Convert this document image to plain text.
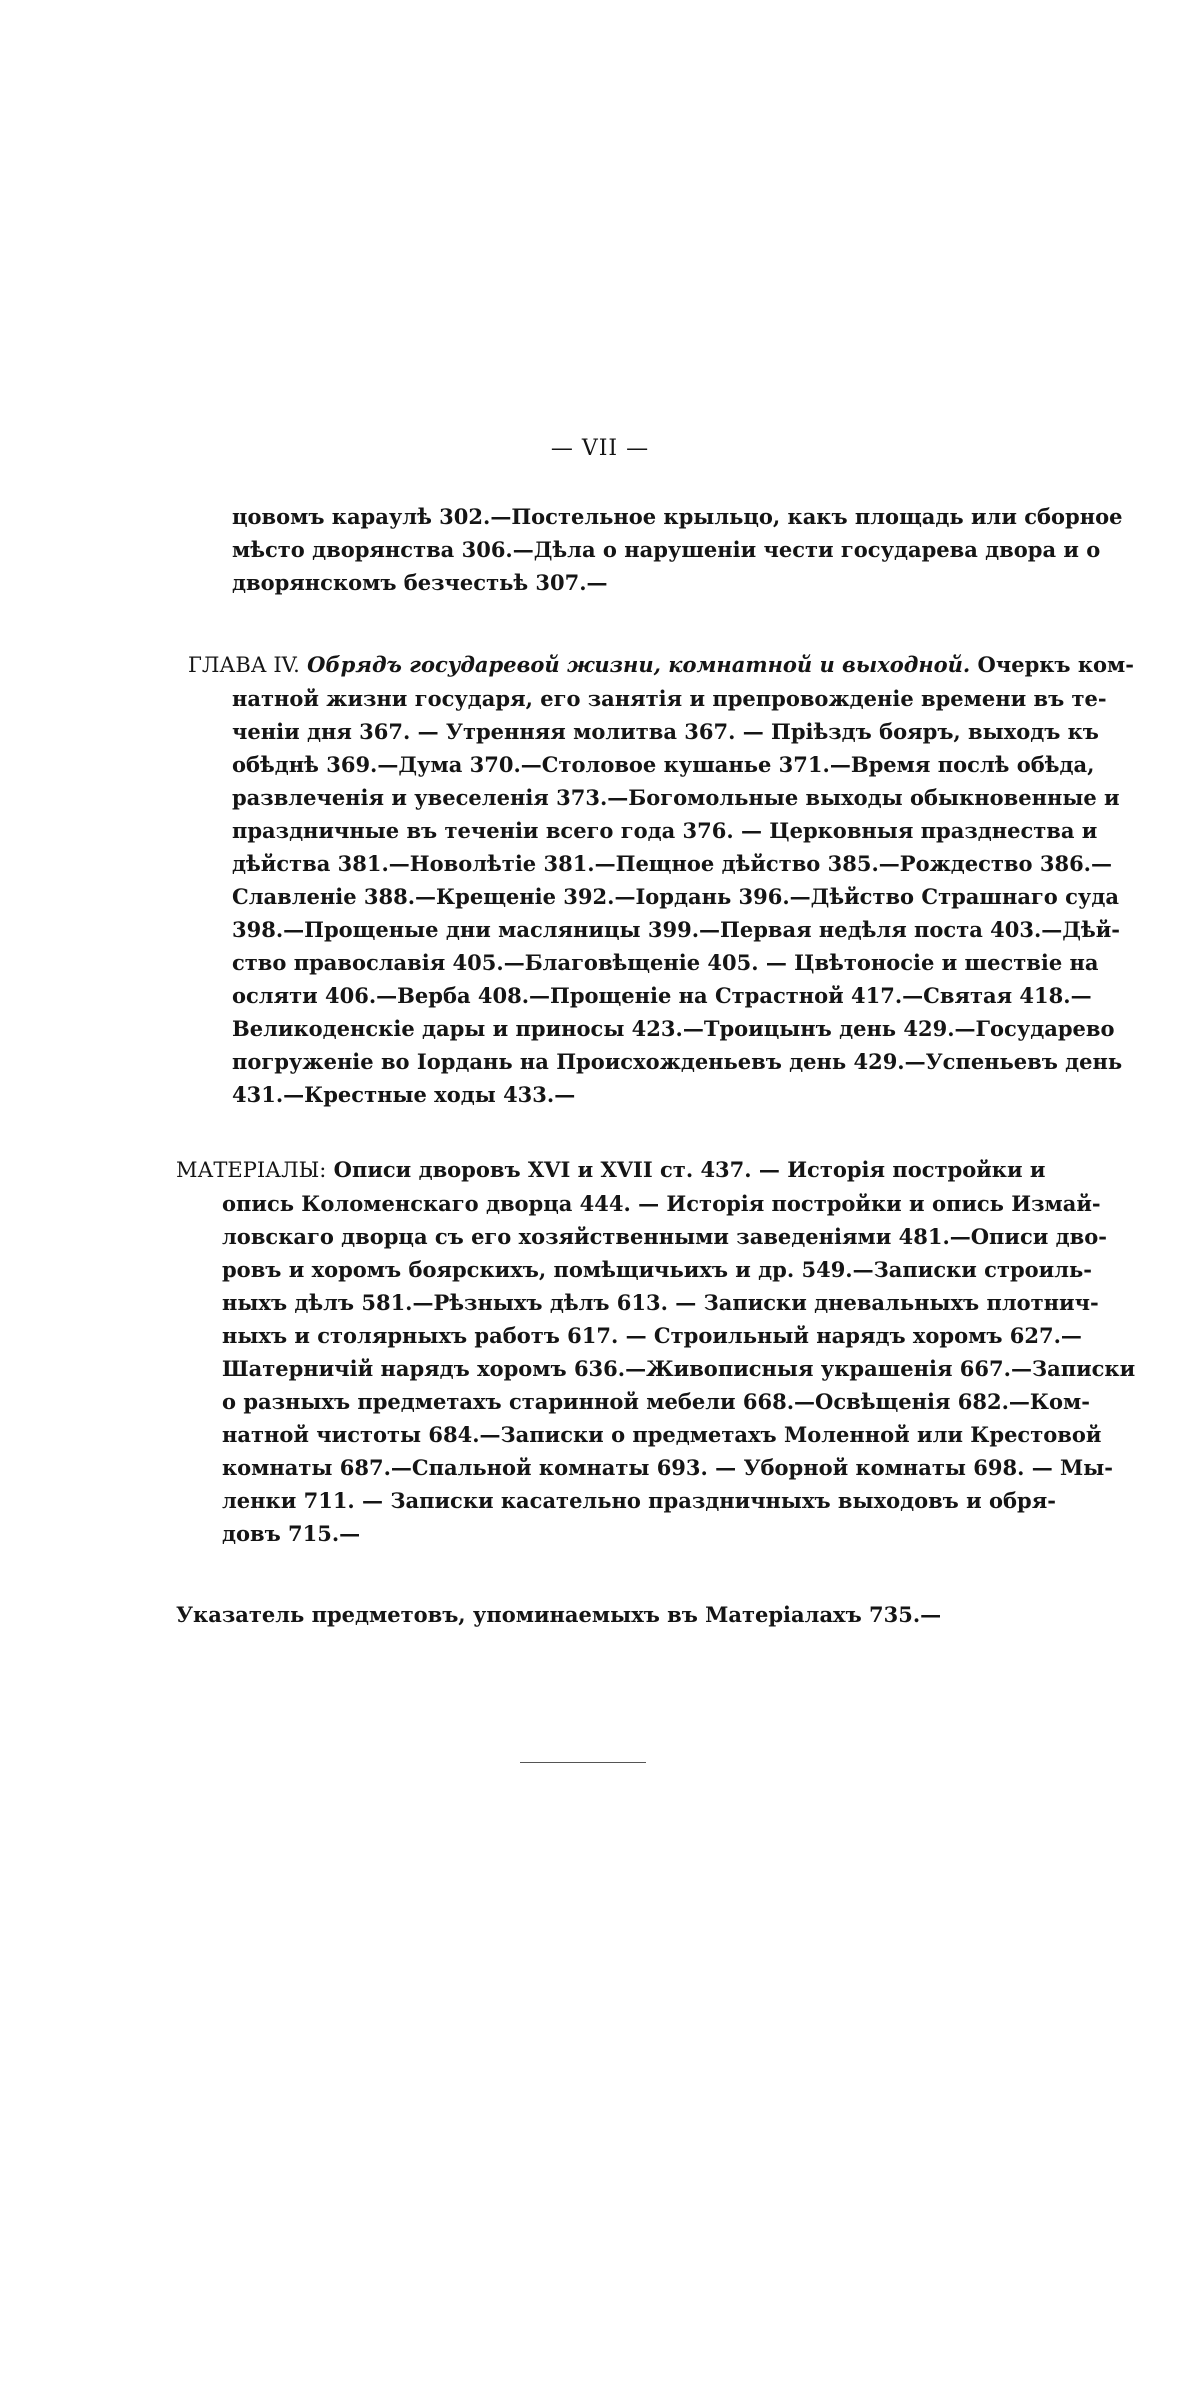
— VII —
цовомъ караулѣ 302.—Постельное крыльцо, какъ площадь или сборное
мѣсто дворянства 306.—Дѣла о нарушеніи чести государева двора и о
дворянскомъ безчестьѣ 307.—
ГЛАВА IV. Обрядъ государевой жизни, комнатной и выходной. Очеркъ ком-
натной жизни государя, его занятія и препровожденіе времени въ те-
ченіи дня 367. — Утренняя молитва 367. — Пріѣздъ бояръ, выходъ къ
обѣднѣ 369.—Дума 370.—Столовое кушанье 371.—Время послѣ обѣда,
развлеченія и увеселенія 373.—Богомольные выходы обыкновенные и
праздничные въ теченіи всего года 376. — Церковныя празднества и
дѣйства 381.—Новолѣтіе 381.—Пещное дѣйство 385.—Рождество 386.—
Славленіе 388.—Крещеніе 392.—Іордань 396.—Дѣйство Страшнаго суда
398.—Прощеные дни масляницы 399.—Первая недѣля поста 403.—Дѣй-
ство православія 405.—Благовѣщеніе 405. — Цвѣтоносіе и шествіе на
осляти 406.—Верба 408.—Прощеніе на Страстной 417.—Святая 418.—
Великоденскіе дары и приносы 423.—Троицынъ день 429.—Государево
погруженіе во Іордань на Происхожденьевъ день 429.—Успеньевъ день
431.—Крестные ходы 433.—
МАТЕРІАЛЫ: Описи дворовъ XVI и XVII ст. 437. — Исторія постройки и
опись Коломенскаго дворца 444. — Исторія постройки и опись Измай-
ловскаго дворца съ его хозяйственными заведеніями 481.—Описи дво-
ровъ и хоромъ боярскихъ, помѣщичьихъ и др. 549.—Записки строиль-
ныхъ дѣлъ 581.—Рѣзныхъ дѣлъ 613. — Записки дневальныхъ плотнич-
ныхъ и столярныхъ работъ 617. — Строильный нарядъ хоромъ 627.—
Шатерничій нарядъ хоромъ 636.—Живописныя украшенія 667.—Записки
о разныхъ предметахъ старинной мебели 668.—Освѣщенія 682.—Ком-
натной чистоты 684.—Записки о предметахъ Моленной или Крестовой
комнаты 687.—Спальной комнаты 693. — Уборной комнаты 698. — Мы-
ленки 711. — Записки касательно праздничныхъ выходовъ и обря-
довъ 715.—
Указатель предметовъ, упоминаемыхъ въ Матеріалахъ 735.—
